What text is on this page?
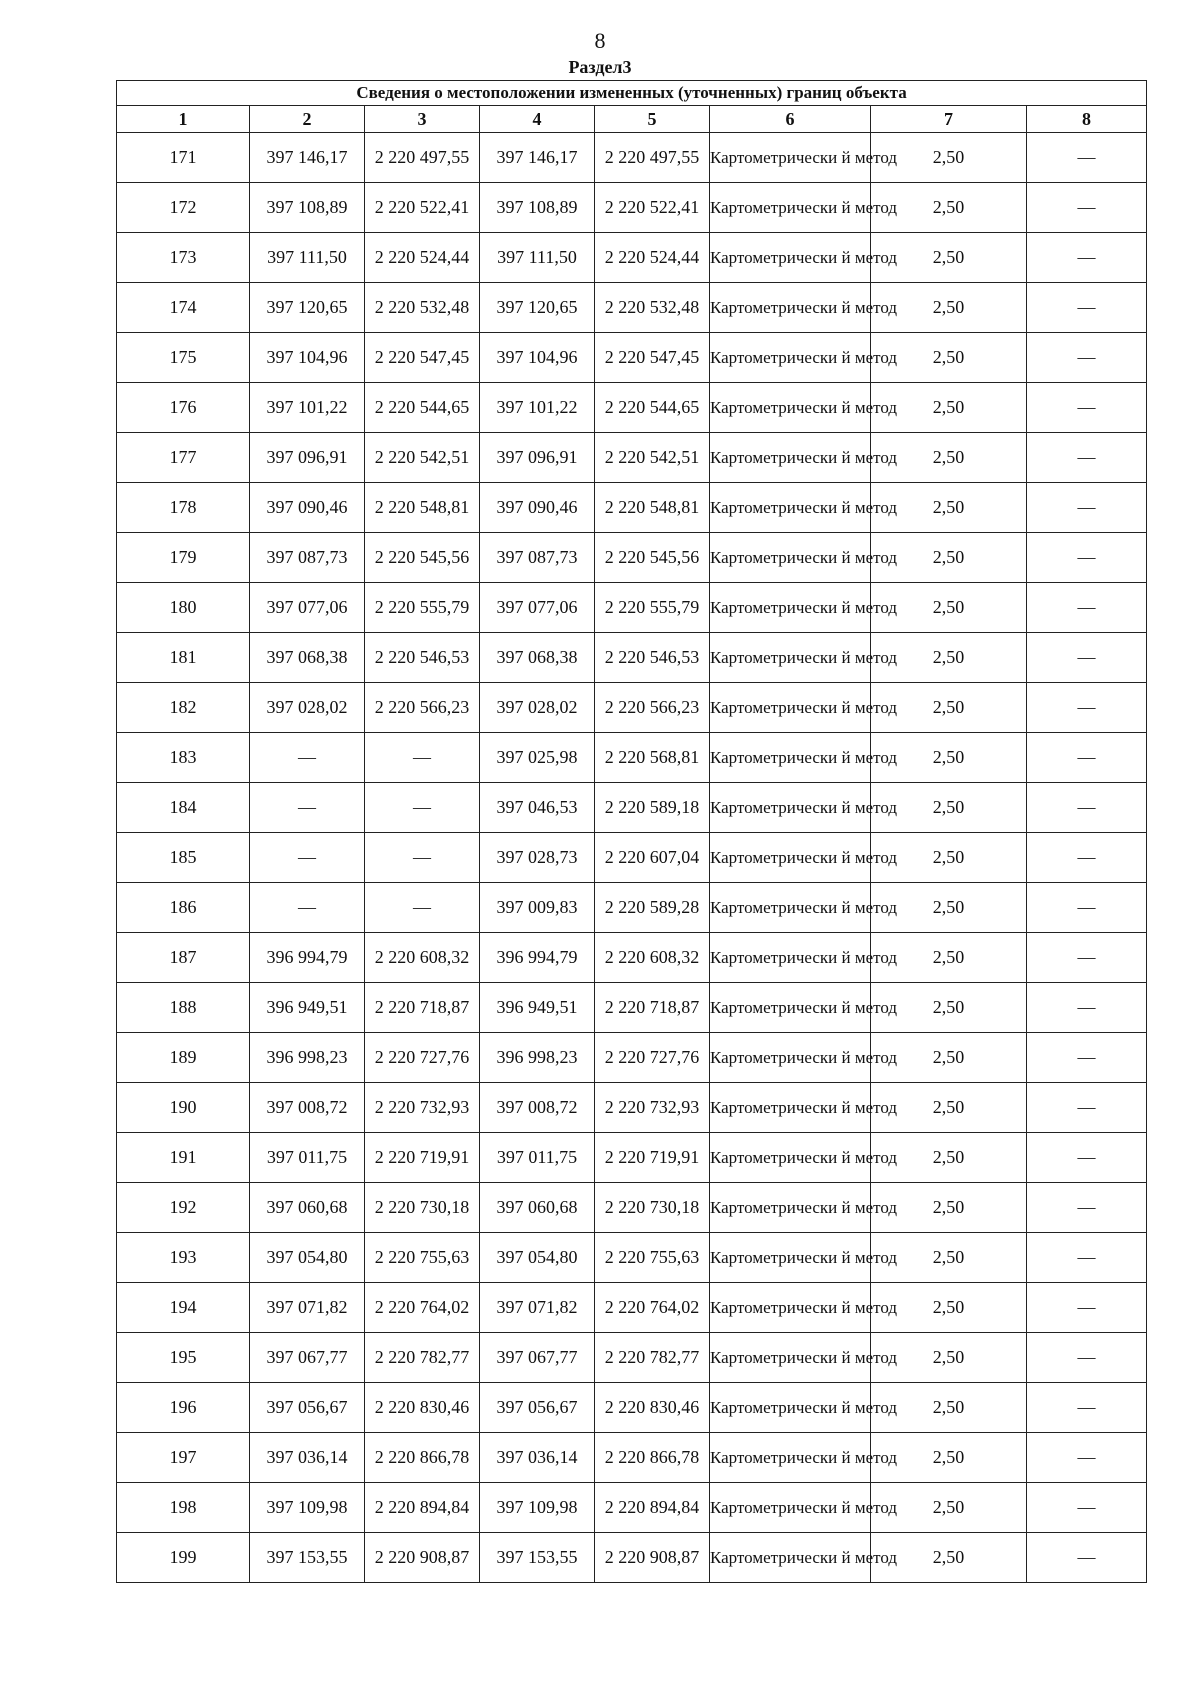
8
Раздел3
Сведения о местоположении измененных (уточненных) границ объекта							
1	2	3	4	5	6	7	8
171	397 146,17	2 220 497,55	397 146,17	2 220 497,55	Картометрически й метод	2,50	—
172	397 108,89	2 220 522,41	397 108,89	2 220 522,41	Картометрически й метод	2,50	—
173	397 111,50	2 220 524,44	397 111,50	2 220 524,44	Картометрически й метод	2,50	—
174	397 120,65	2 220 532,48	397 120,65	2 220 532,48	Картометрически й метод	2,50	—
175	397 104,96	2 220 547,45	397 104,96	2 220 547,45	Картометрически й метод	2,50	—
176	397 101,22	2 220 544,65	397 101,22	2 220 544,65	Картометрически й метод	2,50	—
177	397 096,91	2 220 542,51	397 096,91	2 220 542,51	Картометрически й метод	2,50	—
178	397 090,46	2 220 548,81	397 090,46	2 220 548,81	Картометрически й метод	2,50	—
179	397 087,73	2 220 545,56	397 087,73	2 220 545,56	Картометрически й метод	2,50	—
180	397 077,06	2 220 555,79	397 077,06	2 220 555,79	Картометрически й метод	2,50	—
181	397 068,38	2 220 546,53	397 068,38	2 220 546,53	Картометрически й метод	2,50	—
182	397 028,02	2 220 566,23	397 028,02	2 220 566,23	Картометрически й метод	2,50	—
183	—	—	397 025,98	2 220 568,81	Картометрически й метод	2,50	—
184	—	—	397 046,53	2 220 589,18	Картометрически й метод	2,50	—
185	—	—	397 028,73	2 220 607,04	Картометрически й метод	2,50	—
186	—	—	397 009,83	2 220 589,28	Картометрически й метод	2,50	—
187	396 994,79	2 220 608,32	396 994,79	2 220 608,32	Картометрически й метод	2,50	—
188	396 949,51	2 220 718,87	396 949,51	2 220 718,87	Картометрически й метод	2,50	—
189	396 998,23	2 220 727,76	396 998,23	2 220 727,76	Картометрически й метод	2,50	—
190	397 008,72	2 220 732,93	397 008,72	2 220 732,93	Картометрически й метод	2,50	—
191	397 011,75	2 220 719,91	397 011,75	2 220 719,91	Картометрически й метод	2,50	—
192	397 060,68	2 220 730,18	397 060,68	2 220 730,18	Картометрически й метод	2,50	—
193	397 054,80	2 220 755,63	397 054,80	2 220 755,63	Картометрически й метод	2,50	—
194	397 071,82	2 220 764,02	397 071,82	2 220 764,02	Картометрически й метод	2,50	—
195	397 067,77	2 220 782,77	397 067,77	2 220 782,77	Картометрически й метод	2,50	—
196	397 056,67	2 220 830,46	397 056,67	2 220 830,46	Картометрически й метод	2,50	—
197	397 036,14	2 220 866,78	397 036,14	2 220 866,78	Картометрически й метод	2,50	—
198	397 109,98	2 220 894,84	397 109,98	2 220 894,84	Картометрически й метод	2,50	—
199	397 153,55	2 220 908,87	397 153,55	2 220 908,87	Картометрически й метод	2,50	—
